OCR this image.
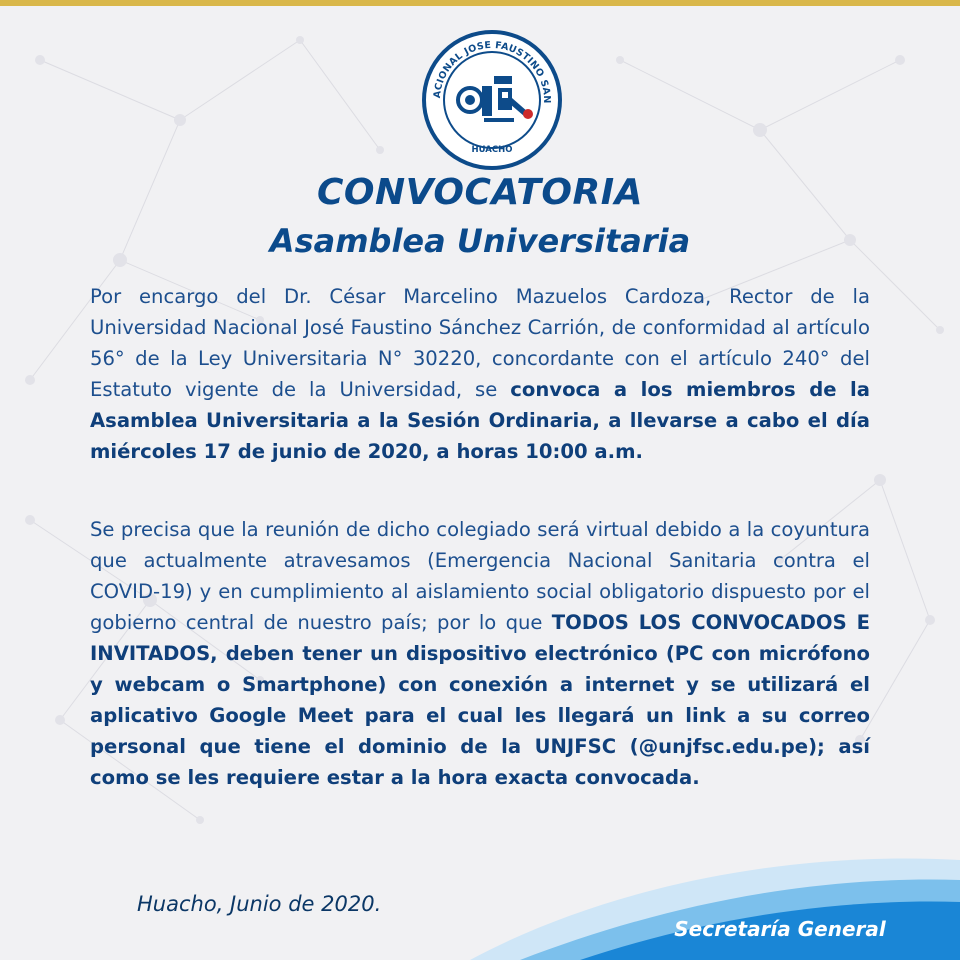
ACIONAL JOSE FAUSTINO SAN
HUACHO
CONVOCATORIA
Asamblea Universitaria

Por encargo del Dr. César Marcelino Mazuelos Cardoza, Rector de la Universidad Nacional José Faustino Sánchez Carrión, de conformidad al artículo 56° de la Ley Universitaria N° 30220, concordante con el artículo 240° del Estatuto vigente de la Universidad, se convoca a los miembros de la Asamblea Universitaria a la Sesión Ordinaria, a llevarse a cabo el día miércoles 17 de junio de 2020, a horas 10:00 a.m.

Se precisa que la reunión de dicho colegiado será virtual debido a la coyuntura que actualmente atravesamos (Emergencia Nacional Sanitaria contra el COVID-19) y en cumplimiento al aislamiento social obligatorio dispuesto por el gobierno central de nuestro país; por lo que TODOS LOS CONVOCADOS E INVITADOS, deben tener un dispositivo electrónico (PC con micrófono y webcam o Smartphone) con conexión a internet y se utilizará el aplicativo Google Meet para el cual les llegará un link a su correo personal que tiene el dominio de la UNJFSC (@unjfsc.edu.pe); así como se les requiere estar a la hora exacta convocada.

Huacho, Junio de 2020.

Secretaría General
